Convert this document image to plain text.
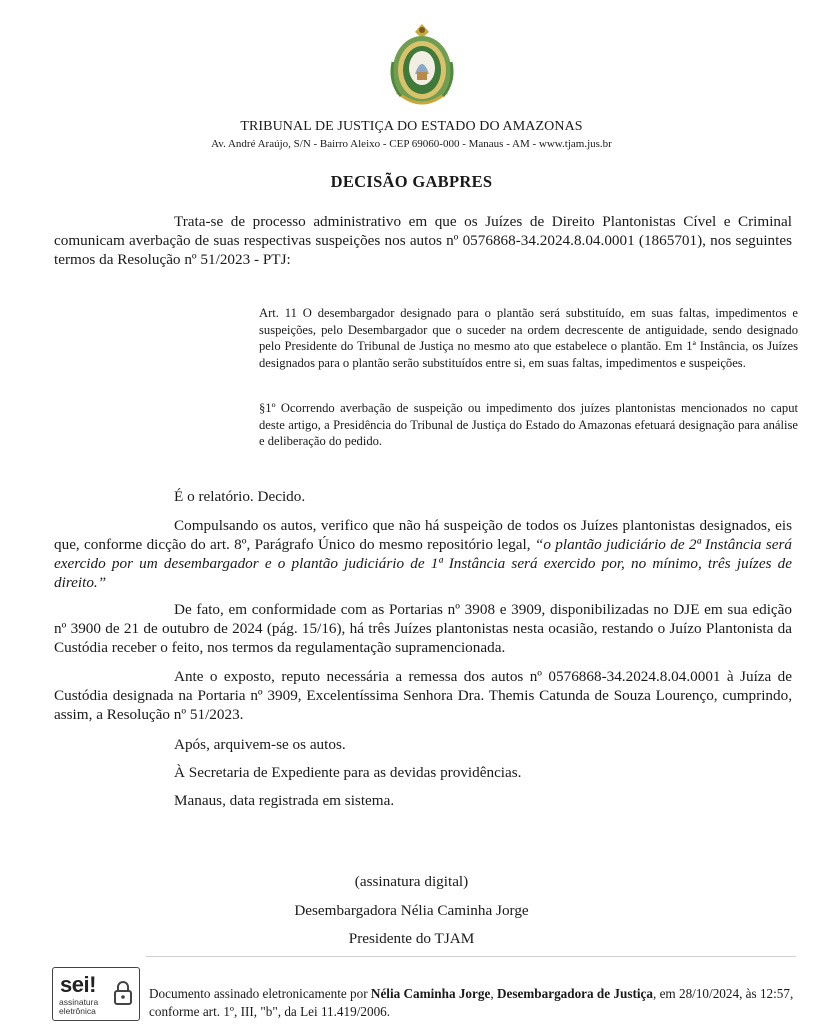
TRIBUNAL DE JUSTIÇA DO ESTADO DO AMAZONAS
Av. André Araújo, S/N - Bairro Aleixo - CEP 69060-000 - Manaus - AM - www.tjam.jus.br
DECISÃO GABPRES
Trata-se de processo administrativo em que os Juízes de Direito Plantonistas Cível e Criminal comunicam averbação de suas respectivas suspeições nos autos nº 0576868-34.2024.8.04.0001 (1865701), nos seguintes termos da Resolução nº 51/2023 - PTJ:
Art. 11 O desembargador designado para o plantão será substituído, em suas faltas, impedimentos e suspeições, pelo Desembargador que o suceder na ordem decrescente de antiguidade, sendo designado pelo Presidente do Tribunal de Justiça no mesmo ato que estabelece o plantão. Em 1ª Instância, os Juízes designados para o plantão serão substituídos entre si, em suas faltas, impedimentos e suspeições.
§1º Ocorrendo averbação de suspeição ou impedimento dos juízes plantonistas mencionados no caput deste artigo, a Presidência do Tribunal de Justiça do Estado do Amazonas efetuará designação para análise e deliberação do pedido.
É o relatório. Decido.
Compulsando os autos, verifico que não há suspeição de todos os Juízes plantonistas designados, eis que, conforme dicção do art. 8º, Parágrafo Único do mesmo repositório legal, “o plantão judiciário de 2ª Instância será exercido por um desembargador e o plantão judiciário de 1ª Instância será exercido por, no mínimo, três juízes de direito.”
De fato, em conformidade com as Portarias nº 3908 e 3909, disponibilizadas no DJE em sua edição nº 3900 de 21 de outubro de 2024 (pág. 15/16), há três Juízes plantonistas nesta ocasião, restando o Juízo Plantonista da Custódia receber o feito, nos termos da regulamentação supramencionada.
Ante o exposto, reputo necessária a remessa dos autos nº 0576868-34.2024.8.04.0001 à Juíza de Custódia designada na Portaria nº 3909, Excelentíssima Senhora Dra. Themis Catunda de Souza Lourenço, cumprindo, assim, a Resolução nº 51/2023.
Após, arquivem-se os autos.
À Secretaria de Expediente para as devidas providências.
Manaus, data registrada em sistema.
(assinatura digital)
Desembargadora Nélia Caminha Jorge
Presidente do TJAM
sei!
assinatura
eletrônica
Documento assinado eletronicamente por Nélia Caminha Jorge, Desembargadora de Justiça, em 28/10/2024, às 12:57, conforme art. 1º, III, "b", da Lei 11.419/2006.
